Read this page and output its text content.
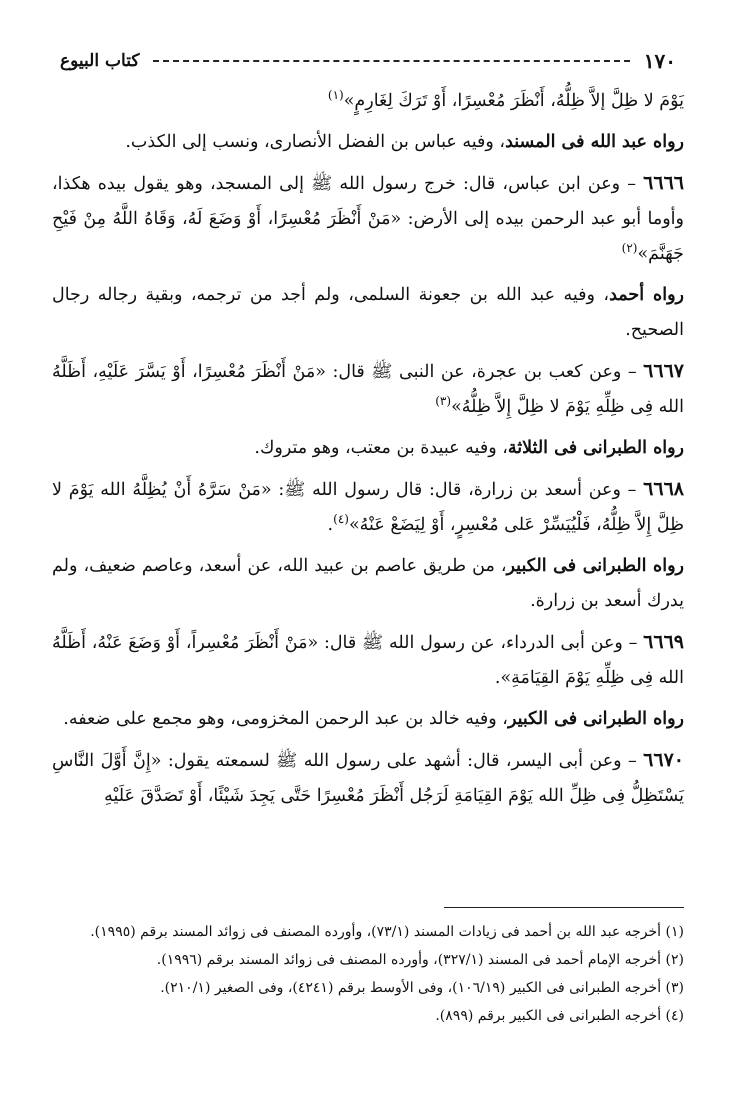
١٧٠
كتاب البيوع

يَوْمَ لا ظِلَّ إلاَّ ظِلُّهُ، أَنْظَرَ مُعْسِرًا، أَوْ تَرَكَ لِغَارِمٍ»$^{(١)}$

رواه عبد الله فى المسند، وفيه عباس بن الفضل الأنصارى، ونسب إلى الكذب.

٦٦٦٦ – وعن ابن عباس، قال: خرج رسول الله ﷺ إلى المسجد، وهو يقول بيده هكذا، وأوما أبو عبد الرحمن بيده إلى الأرض: «مَنْ أَنْظَرَ مُعْسِرًا، أَوْ وَضَعَ لَهُ، وَقَاهُ اللَّهُ مِنْ فَيْحِ جَهَنَّمَ»$^{(٢)}$

رواه أحمد، وفيه عبد الله بن جعونة السلمى، ولم أجد من ترجمه، وبقية رجاله رجال الصحيح.

٦٦٦٧ – وعن كعب بن عجرة، عن النبى ﷺ قال: «مَنْ أَنْظَرَ مُعْسِرًا، أَوْ يَسَّرَ عَلَيْهِ، أَظَلَّهُ الله فِى ظِلِّهِ يَوْمَ لا ظِلَّ إِلاَّ ظِلُّهُ»$^{(٣)}$

رواه الطبرانى فى الثلاثة، وفيه عبيدة بن معتب، وهو متروك.

٦٦٦٨ – وعن أسعد بن زرارة، قال: قال رسول الله ﷺ: «مَنْ سَرَّهُ أَنْ يُظِلَّهُ الله يَوْمَ لا ظِلَّ إِلاَّ ظِلُّهُ، فَلْيُيَسِّرْ عَلى مُعْسِرٍ، أَوْ لِيَضَعْ عَنْهُ»$^{(٤)}$.

رواه الطبرانى فى الكبير، من طريق عاصم بن عبيد الله، عن أسعد، وعاصم ضعيف، ولم يدرك أسعد بن زرارة.

٦٦٦٩ – وعن أبى الدرداء، عن رسول الله ﷺ قال: «مَنْ أَنْظَرَ مُعْسِراً، أَوْ وَضَعَ عَنْهُ، أَظَلَّهُ الله فِى ظِلِّهِ يَوْمَ القِيَامَةِ».

رواه الطبرانى فى الكبير، وفيه خالد بن عبد الرحمن المخزومى، وهو مجمع على ضعفه.

٦٦٧٠ – وعن أبى اليسر، قال: أشهد على رسول الله ﷺ لسمعته يقول: «إِنَّ أَوَّلَ النَّاسِ يَسْتَظِلُّ فِى ظِلِّ الله يَوْمَ القِيَامَةِ لَرَجُل أَنْظَرَ مُعْسِرًا حَتَّى يَجِدَ شَيْئًا، أَوْ تَصَدَّقَ عَلَيْهِ

(١) أخرجه عبد الله بن أحمد فى زيادات المسند (٧٣/١)، وأورده المصنف فى زوائد المسند برقم (١٩٩٥).

(٢) أخرجه الإمام أحمد فى المسند (٣٢٧/١)، وأورده المصنف فى زوائد المسند برقم (١٩٩٦).

(٣) أخرجه الطبرانى فى الكبير (١٠٦/١٩)، وفى الأوسط برقم (٤٢٤١)، وفى الصغير (٢١٠/١).

(٤) أخرجه الطبرانى فى الكبير برقم (٨٩٩).
